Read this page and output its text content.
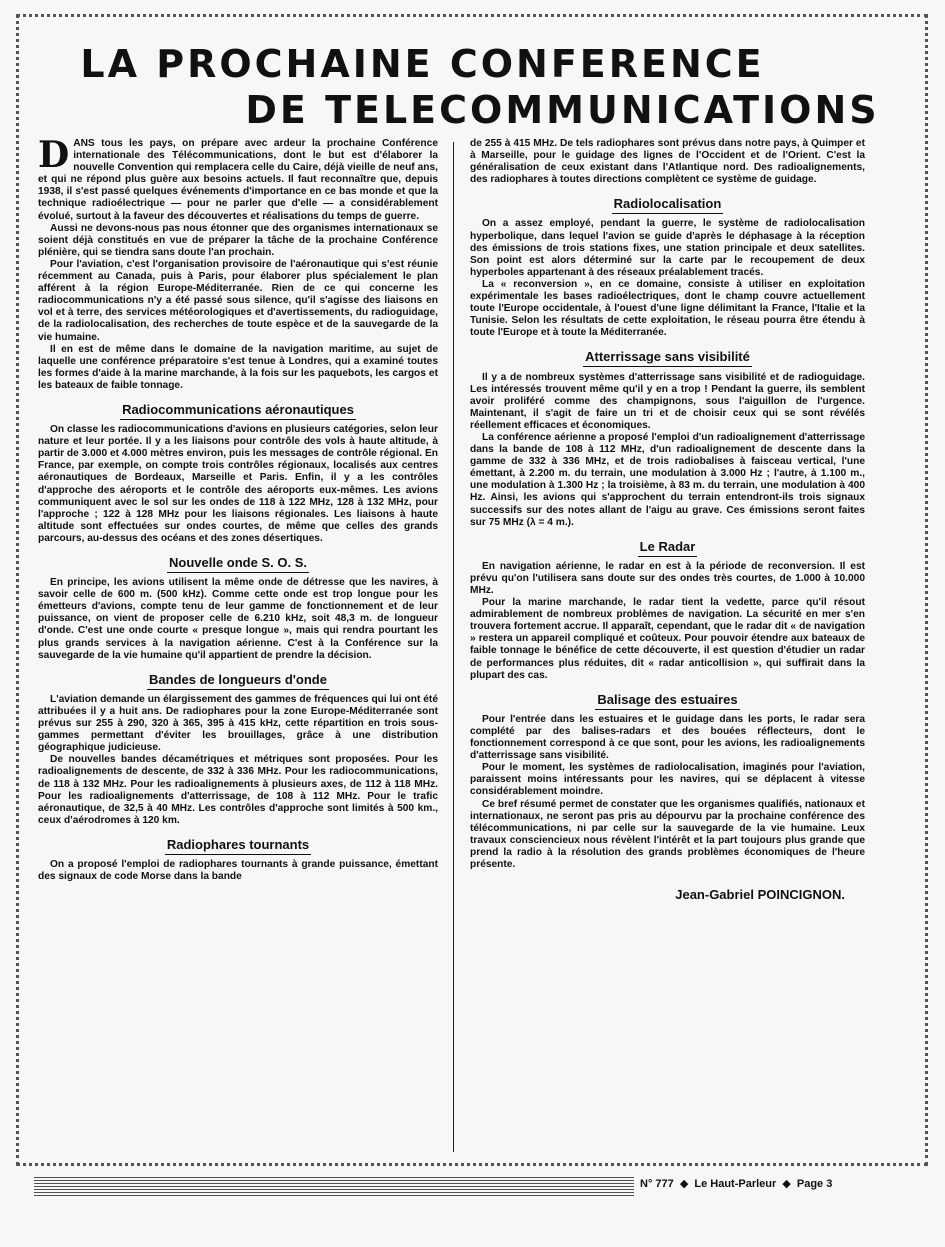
LA PROCHAINE CONFERENCE
DE TELECOMMUNICATIONS

DANS tous les pays, on prépare avec ardeur la prochaine Conférence internationale des Télécommunications, dont le but est d'élaborer la nouvelle Convention qui remplacera celle du Caire, déjà vieille de neuf ans, et qui ne répond plus guère aux besoins actuels. Il faut reconnaître que, depuis 1938, il s'est passé quelques événements d'importance en ce bas monde et que la technique radioélectrique — pour ne parler que d'elle — a considérablement évolué, surtout à la faveur des découvertes et réalisations du temps de guerre.

Aussi ne devons-nous pas nous étonner que des organismes internationaux se soient déjà constitués en vue de préparer la tâche de la prochaine Conférence plénière, qui se tiendra sans doute l'an prochain.

Pour l'aviation, c'est l'organisation provisoire de l'aéronautique qui s'est réunie récemment au Canada, puis à Paris, pour élaborer plus spécialement le plan afférent à la région Europe-Méditerranée. Rien de ce qui concerne les radiocommunications n'y a été passé sous silence, qu'il s'agisse des liaisons en vol et à terre, des services météorologiques et d'avertissements, du radioguidage, de la radiolocalisation, des recherches de toute espèce et de la sauvegarde de la vie humaine.

Il en est de même dans le domaine de la navigation maritime, au sujet de laquelle une conférence préparatoire s'est tenue à Londres, qui a examiné toutes les formes d'aide à la marine marchande, à la fois sur les paquebots, les cargos et les bateaux de faible tonnage.

Radiocommunications aéronautiques

On classe les radiocommunications d'avions en plusieurs catégories, selon leur nature et leur portée. Il y a les liaisons pour contrôle des vols à haute altitude, à partir de 3.000 et 4.000 mètres environ, puis les messages de contrôle régional. En France, par exemple, on compte trois contrôles régionaux, localisés aux centres aéronautiques de Bordeaux, Marseille et Paris. Enfin, il y a les contrôles d'approche des aéroports et le contrôle des aéroports eux-mêmes. Les avions communiquent avec le sol sur les ondes de 118 à 122 MHz, 128 à 132 MHz, pour l'approche ; 122 à 128 MHz pour les liaisons régionales. Les liaisons à haute altitude sont effectuées sur ondes courtes, de même que celles des grands parcours, au-dessus des océans et des zones désertiques.

Nouvelle onde S. O. S.

En principe, les avions utilisent la même onde de détresse que les navires, à savoir celle de 600 m. (500 kHz). Comme cette onde est trop longue pour les émetteurs d'avions, compte tenu de leur gamme de fonctionnement et de leur puissance, on vient de proposer celle de 6.210 kHz, soit 48,3 m. de longueur d'onde. C'est une onde courte « presque longue », mais qui rendra pourtant les plus grands services à la navigation aérienne. C'est à la Conférence sur la sauvegarde de la vie humaine qu'il appartient de prendre la décision.

Bandes de longueurs d'onde

L'aviation demande un élargissement des gammes de fréquences qui lui ont été attribuées il y a huit ans. De radiophares pour la zone Europe-Méditerranée sont prévus sur 255 à 290, 320 à 365, 395 à 415 kHz, cette répartition en trois sous-gammes permettant d'éviter les brouillages, grâce à une distribution géographique judicieuse.

De nouvelles bandes décamétriques et métriques sont proposées. Pour les radioalignements de descente, de 332 à 336 MHz. Pour les radiocommunications, de 118 à 132 MHz. Pour les radioalignements à plusieurs axes, de 112 à 118 MHz. Pour les radioalignements d'atterrissage, de 108 à 112 MHz. Pour le trafic aéronautique, de 32,5 à 40 MHz. Les contrôles d'approche sont limités à 500 km., ceux d'aérodromes à 120 km.

Radiophares tournants

On a proposé l'emploi de radiophares tournants à grande puissance, émettant des signaux de code Morse dans la bande

de 255 à 415 MHz. De tels radiophares sont prévus dans notre pays, à Quimper et à Marseille, pour le guidage des lignes de l'Occident et de l'Orient. C'est la généralisation de ceux existant dans l'Atlantique nord. Des radioalignements, des radiophares à toutes directions complètent ce système de guidage.

Radiolocalisation

On a assez employé, pendant la guerre, le système de radiolocalisation hyperbolique, dans lequel l'avion se guide d'après le déphasage à la réception des émissions de trois stations fixes, une station principale et deux satellites. Son point est alors déterminé sur la carte par le recoupement de deux hyperboles appartenant à des réseaux préalablement tracés.

La « reconversion », en ce domaine, consiste à utiliser en exploitation expérimentale les bases radioélectriques, dont le champ couvre actuellement toute l'Europe occidentale, à l'ouest d'une ligne délimitant la France, l'Italie et la Tunisie. Selon les résultats de cette exploitation, le réseau pourra être étendu à toute l'Europe et à toute la Méditerranée.

Atterrissage sans visibilité

Il y a de nombreux systèmes d'atterrissage sans visibilité et de radioguidage. Les intéressés trouvent même qu'il y en a trop ! Pendant la guerre, ils semblent avoir proliféré comme des champignons, sous l'aiguillon de l'urgence. Maintenant, il s'agit de faire un tri et de choisir ceux qui se sont révélés réellement efficaces et économiques.

La conférence aérienne a proposé l'emploi d'un radioalignement d'atterrissage dans la bande de 108 à 112 MHz, d'un radioalignement de descente dans la gamme de 332 à 336 MHz, et de trois radiobalises à faisceau vertical, l'une émettant, à 2.200 m. du terrain, une modulation à 3.000 Hz ; l'autre, à 1.100 m., une modulation à 1.300 Hz ; la troisième, à 83 m. du terrain, une modulation à 400 Hz. Ainsi, les avions qui s'approchent du terrain entendront-ils trois signaux successifs sur des notes allant de l'aigu au grave. Ces émissions seront faites sur 75 MHz (λ = 4 m.).

Le Radar

En navigation aérienne, le radar en est à la période de reconversion. Il est prévu qu'on l'utilisera sans doute sur des ondes très courtes, de 1.000 à 10.000 MHz.

Pour la marine marchande, le radar tient la vedette, parce qu'il résout admirablement de nombreux problèmes de navigation. La sécurité en mer s'en trouvera fortement accrue. Il apparaît, cependant, que le radar dit « de navigation » restera un appareil compliqué et coûteux. Pour pouvoir étendre aux bateaux de faible tonnage le bénéfice de cette découverte, il est question d'étudier un radar de performances plus réduites, dit « radar anticollision », qui suffirait dans la plupart des cas.

Balisage des estuaires

Pour l'entrée dans les estuaires et le guidage dans les ports, le radar sera complété par des balises-radars et des bouées réflecteurs, dont le fonctionnement correspond à ce que sont, pour les avions, les radioalignements d'atterrissage sans visibilité.

Pour le moment, les systèmes de radiolocalisation, imaginés pour l'aviation, paraissent moins intéressants pour les navires, qui se déplacent à vitesse considérablement moindre.

Ce bref résumé permet de constater que les organismes qualifiés, nationaux et internationaux, ne seront pas pris au dépourvu par la prochaine conférence des télécommunications, ni par celle sur la sauvegarde de la vie humaine. Leux travaux consciencieux nous révèlent l'intérêt et la part toujours plus grande que prend la radio à la résolution des grands problèmes économiques de l'heure présente.

Jean-Gabriel POINCIGNON.
N° 777 ◆ Le Haut-Parleur ◆ Page 3
